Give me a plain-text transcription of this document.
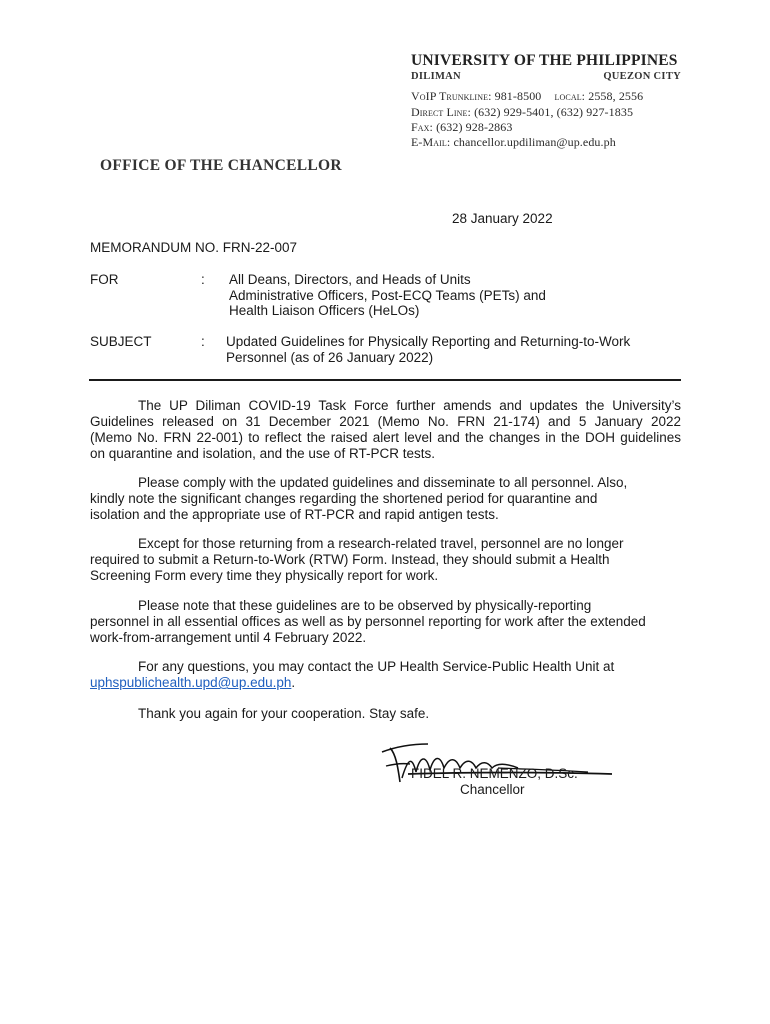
UNIVERSITY OF THE PHILIPPINES
DILIMAN	QUEZON CITY
VoIP Trunkline: 981-8500 local: 2558, 2556
Direct Line: (632) 929-5401, (632) 927-1835
Fax: (632) 928-2863
E-Mail: chancellor.updiliman@up.edu.ph
OFFICE OF THE CHANCELLOR
28 January 2022
MEMORANDUM NO. FRN-22-007
FOR	: All Deans, Directors, and Heads of Units
Administrative Officers, Post-ECQ Teams (PETs) and
Health Liaison Officers (HeLOs)
SUBJECT	: Updated Guidelines for Physically Reporting and Returning-to-Work
Personnel (as of 26 January 2022)
The UP Diliman COVID-19 Task Force further amends and updates the University’s
Guidelines released on 31 December 2021 (Memo No. FRN 21-174) and 5 January 2022
(Memo No. FRN 22-001) to reflect the raised alert level and the changes in the DOH guidelines
on quarantine and isolation, and the use of RT-PCR tests.
Please comply with the updated guidelines and disseminate to all personnel. Also,
kindly note the significant changes regarding the shortened period for quarantine and
isolation and the appropriate use of RT-PCR and rapid antigen tests.
Except for those returning from a research-related travel, personnel are no longer
required to submit a Return-to-Work (RTW) Form. Instead, they should submit a Health
Screening Form every time they physically report for work.
Please note that these guidelines are to be observed by physically-reporting
personnel in all essential offices as well as by personnel reporting for work after the extended
work-from-arrangement until 4 February 2022.
For any questions, you may contact the UP Health Service-Public Health Unit at
uphspublichealth.upd@up.edu.ph.
Thank you again for your cooperation. Stay safe.
FIDEL R. NEMENZO, D.Sc.
Chancellor
